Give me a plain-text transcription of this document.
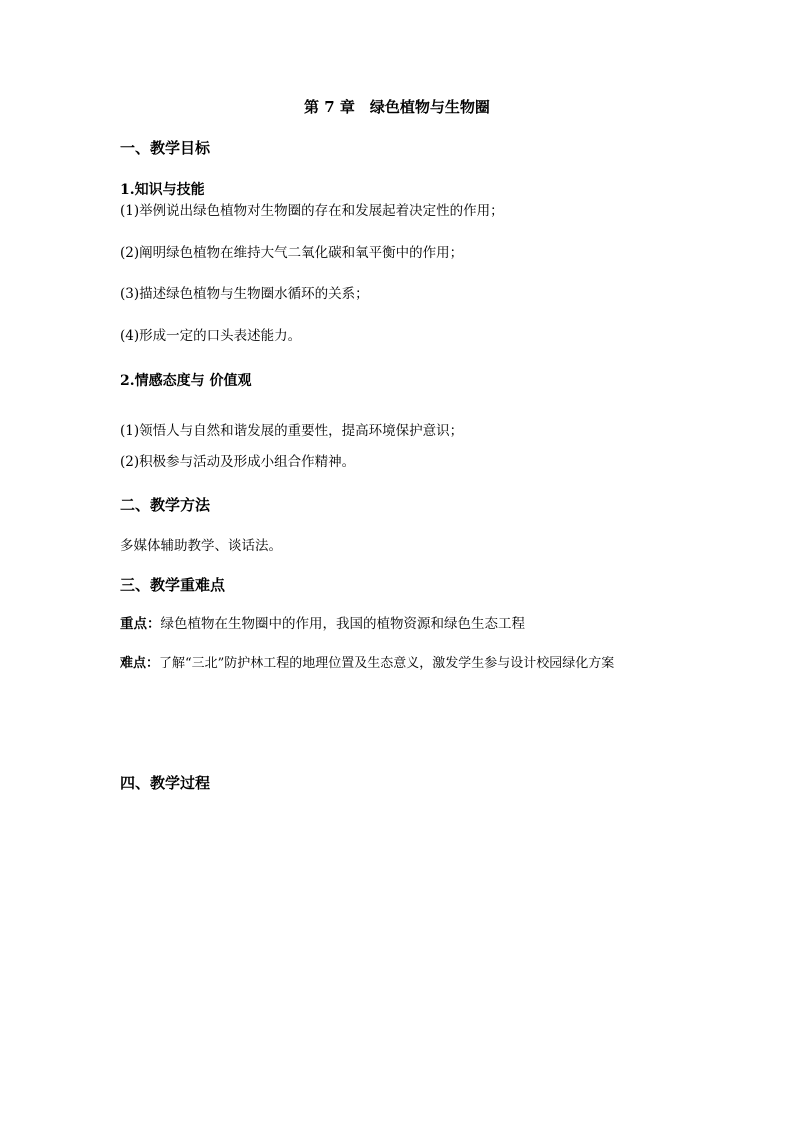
第 7 章　绿色植物与生物圈
一、教学目标
1.知识与技能
(1)举例说出绿色植物对生物圈的存在和发展起着决定性的作用；
(2)阐明绿色植物在维持大气二氧化碳和氧平衡中的作用；
(3)描述绿色植物与生物圈水循环的关系；
(4)形成一定的口头表述能力。
2.情感态度与 价值观
(1)领悟人与自然和谐发展的重要性，提高环境保护意识；
(2)积极参与活动及形成小组合作精神。
二、教学方法
多媒体辅助教学、谈话法。
三、教学重难点
重点：绿色植物在生物圈中的作用，我国的植物资源和绿色生态工程
难点：了解“三北”防护林工程的地理位置及生态意义，激发学生参与设计校园绿化方案
四、教学过程
